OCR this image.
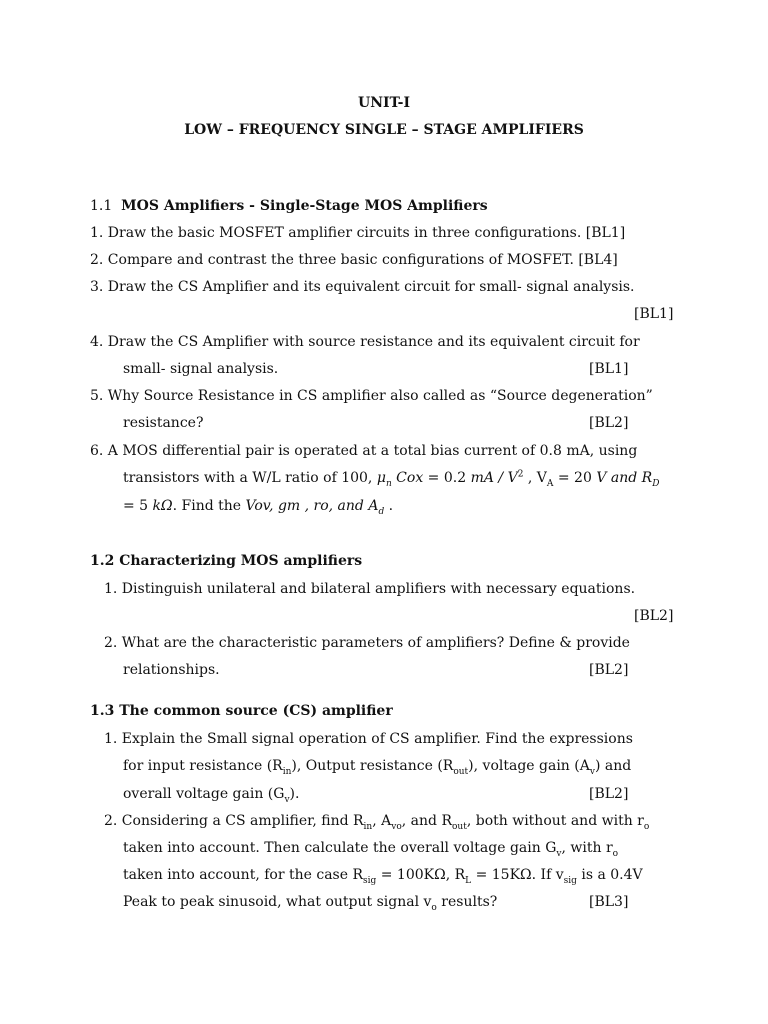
UNIT-I
LOW – FREQUENCY SINGLE – STAGE AMPLIFIERS
1.1 MOS Amplifiers - Single-Stage MOS Amplifiers
1. Draw the basic MOSFET amplifier circuits in three configurations. [BL1]
2. Compare and contrast the three basic configurations of MOSFET. [BL4]
3. Draw the CS Amplifier and its equivalent circuit for small- signal analysis.
[BL1]
4. Draw the CS Amplifier with source resistance and its equivalent circuit for
small- signal analysis.	[BL1]
5. Why Source Resistance in CS amplifier also called as “Source degeneration”
resistance?	[BL2]
6. A MOS differential pair is operated at a total bias current of 0.8 mA, using
transistors with a W/L ratio of 100, $\mu_n$ Cox = 0.2 mA / $V^2$ , $V_A = 20$ V and $R_D$
= 5 kΩ. Find the Vov, gm , ro, and $A_d$ .
1.2 Characterizing MOS amplifiers
1. Distinguish unilateral and bilateral amplifiers with necessary equations.
[BL2]
2. What are the characteristic parameters of amplifiers? Define & provide
relationships.	[BL2]
1.3 The common source (CS) amplifier
1. Explain the Small signal operation of CS amplifier. Find the expressions
for input resistance $(R_{in})$, Output resistance $(R_{out})$, voltage gain $(A_v)$ and
overall voltage gain $(G_v)$.	[BL2]
2. Considering a CS amplifier, find $R_{in}$, $A_{vo}$, and $R_{out}$, both without and with $r_o$
taken into account. Then calculate the overall voltage gain $G_v$, with $r_o$
taken into account, for the case $R_{sig} = 100K\Omega$, $R_L = 15K\Omega$. If $v_{sig}$ is a 0.4V
Peak to peak sinusoid, what output signal $v_o$ results?	[BL3]
